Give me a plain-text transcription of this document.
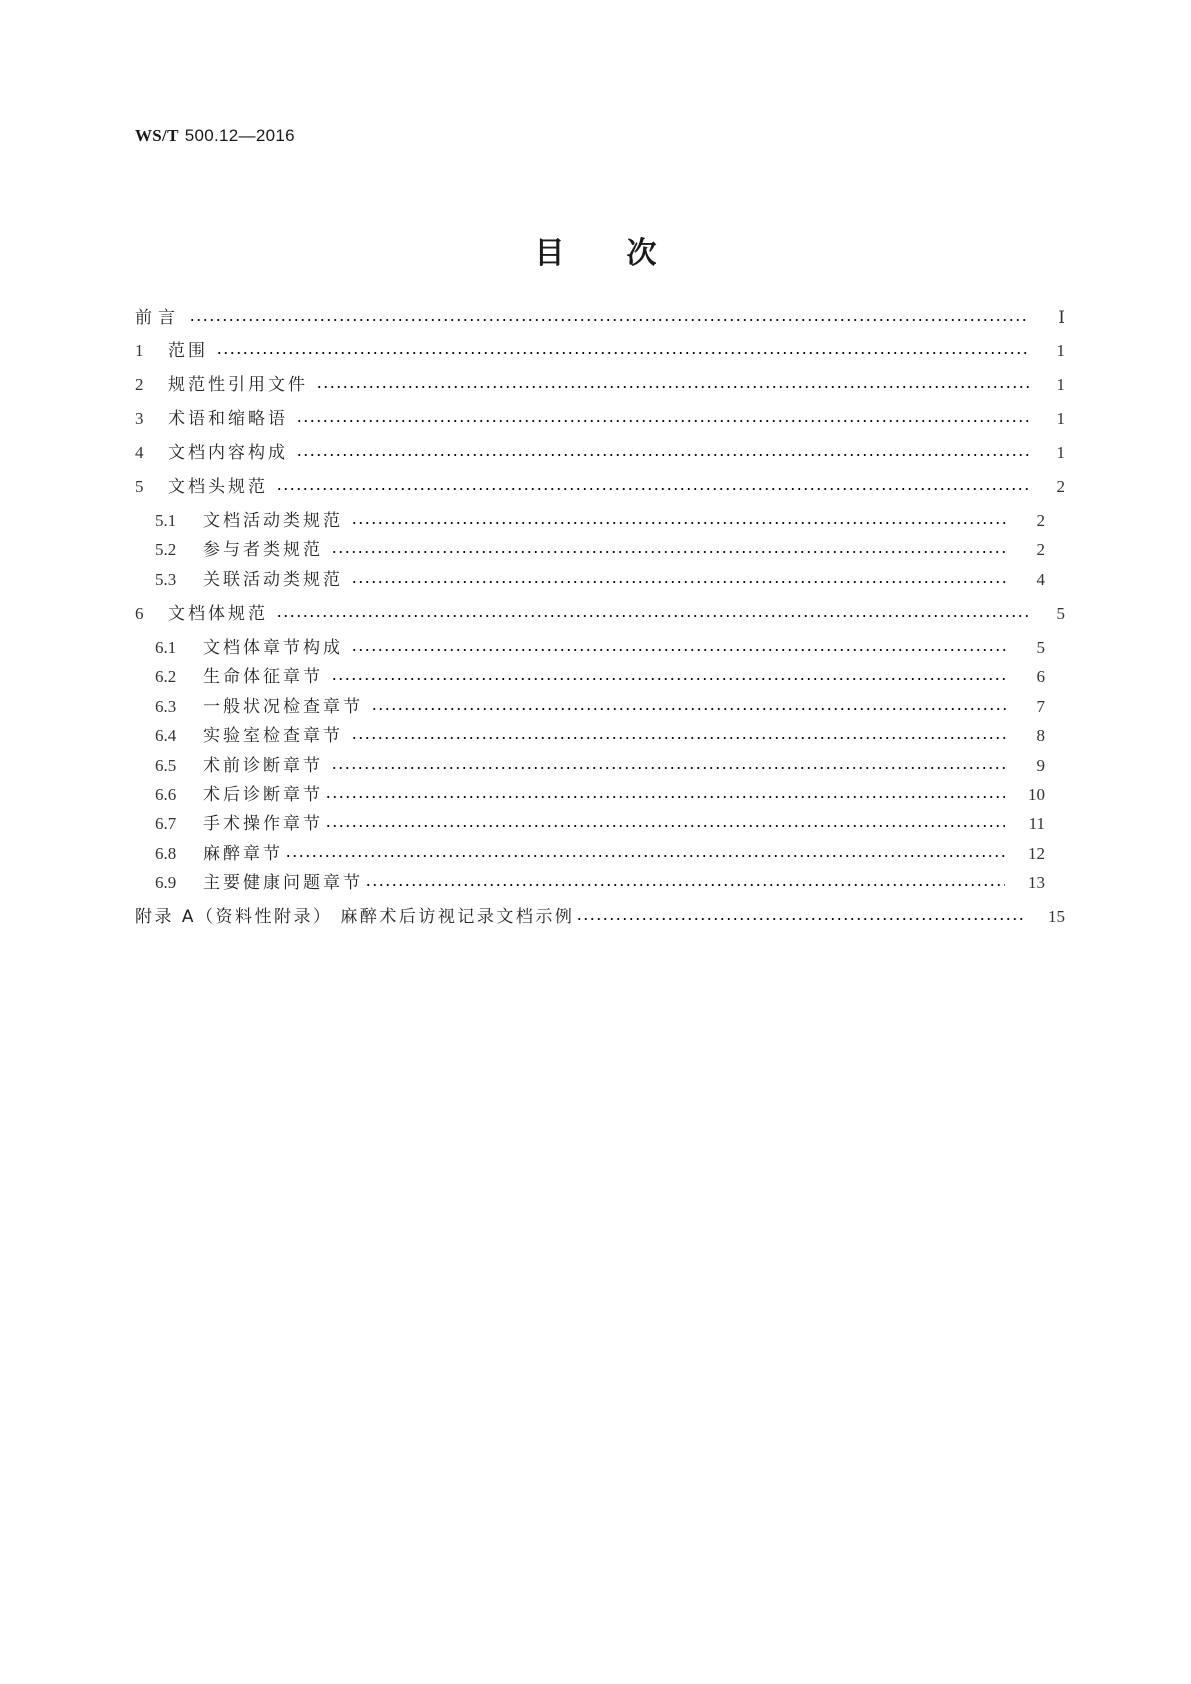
WS/T 500.12—2016
目 次
前言	Ⅰ
1	范围	1
2	规范性引用文件	1
3	术语和缩略语	1
4	文档内容构成	1
5	文档头规范	2
5.1	文档活动类规范	2
5.2	参与者类规范	2
5.3	关联活动类规范	4
6	文档体规范	5
6.1	文档体章节构成	5
6.2	生命体征章节	6
6.3	一般状况检查章节	7
6.4	实验室检查章节	8
6.5	术前诊断章节	9
6.6	术后诊断章节	10
6.7	手术操作章节	11
6.8	麻醉章节	12
6.9	主要健康问题章节	13
附录 A（资料性附录） 麻醉术后访视记录文档示例	15
